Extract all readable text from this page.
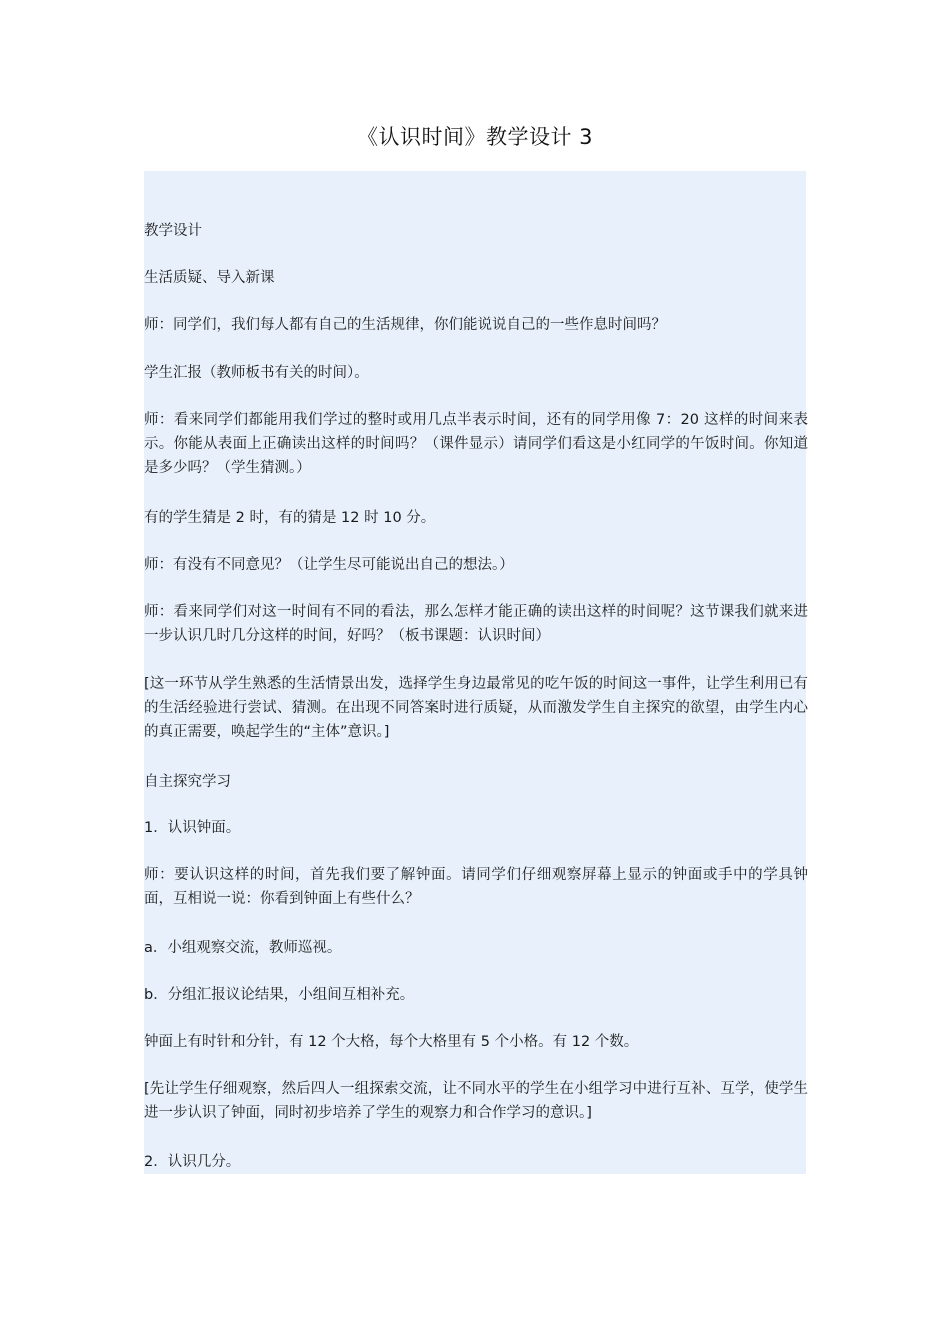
《认识时间》教学设计 3

教学设计

生活质疑、导入新课

师：同学们，我们每人都有自己的生活规律，你们能说说自己的一些作息时间吗？

学生汇报（教师板书有关的时间）。

师：看来同学们都能用我们学过的整时或用几点半表示时间，还有的同学用像 7：20 这样的时间来表示。你能从表面上正确读出这样的时间吗？（课件显示）请同学们看这是小红同学的午饭时间。你知道是多少吗？（学生猜测。）

有的学生猜是 2 时，有的猜是 12 时 10 分。

师：有没有不同意见？（让学生尽可能说出自己的想法。）

师：看来同学们对这一时间有不同的看法，那么怎样才能正确的读出这样的时间呢？这节课我们就来进一步认识几时几分这样的时间，好吗？（板书课题：认识时间）

[这一环节从学生熟悉的生活情景出发，选择学生身边最常见的吃午饭的时间这一事件，让学生利用已有的生活经验进行尝试、猜测。在出现不同答案时进行质疑，从而激发学生自主探究的欲望，由学生内心的真正需要，唤起学生的“主体”意识。]

自主探究学习

1．认识钟面。

师：要认识这样的时间，首先我们要了解钟面。请同学们仔细观察屏幕上显示的钟面或手中的学具钟面，互相说一说：你看到钟面上有些什么？

a．小组观察交流，教师巡视。

b．分组汇报议论结果，小组间互相补充。

钟面上有时针和分针，有 12 个大格，每个大格里有 5 个小格。有 12 个数。

[先让学生仔细观察，然后四人一组探索交流，让不同水平的学生在小组学习中进行互补、互学，使学生进一步认识了钟面，同时初步培养了学生的观察力和合作学习的意识。]

2．认识几分。
